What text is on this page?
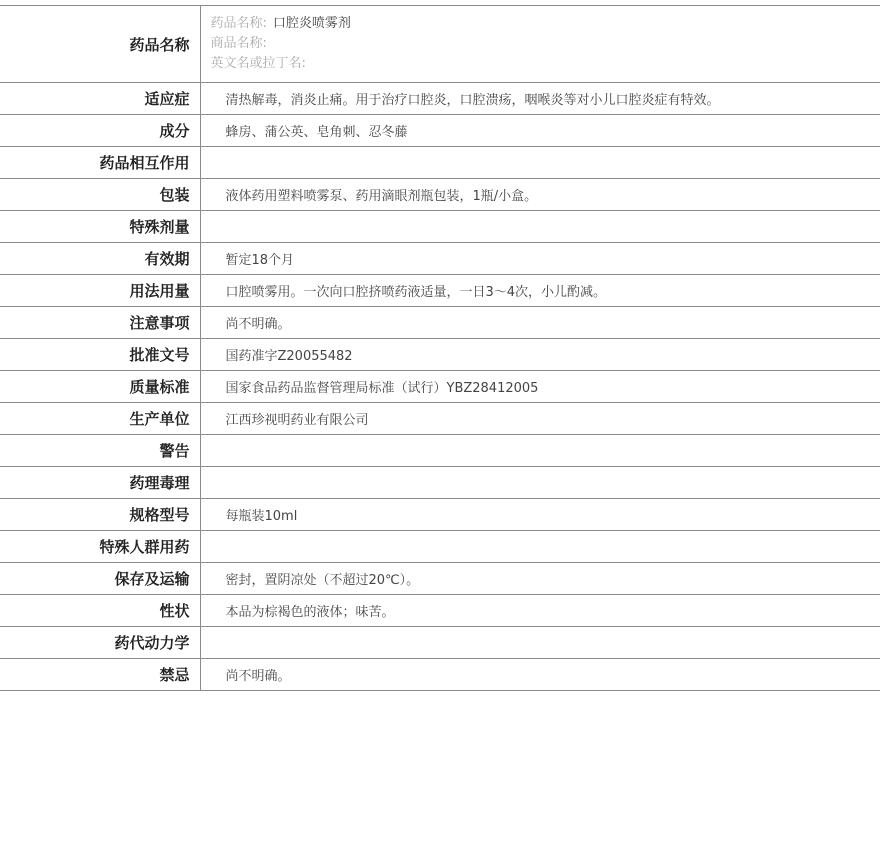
药品名称	药品名称: 口腔炎喷雾剂
商品名称:
英文名或拉丁名:

适应症	清热解毒，消炎止痛。用于治疗口腔炎，口腔溃疡，咽喉炎等对小儿口腔炎症有特效。
成分	蜂房、蒲公英、皂角刺、忍冬藤
药品相互作用	
包装	液体药用塑料喷雾泵、药用滴眼剂瓶包装，1瓶/小盒。
特殊剂量	
有效期	暂定18个月
用法用量	口腔喷雾用。一次向口腔挤喷药液适量，一日3～4次，小儿酌减。
注意事项	尚不明确。
批准文号	国药准字Z20055482
质量标准	国家食品药品监督管理局标准（试行）YBZ28412005
生产单位	江西珍视明药业有限公司
警告	
药理毒理	
规格型号	每瓶装10ml
特殊人群用药	
保存及运输	密封，置阴凉处（不超过20℃）。
性状	本品为棕褐色的液体；味苦。
药代动力学	
禁忌	尚不明确。
